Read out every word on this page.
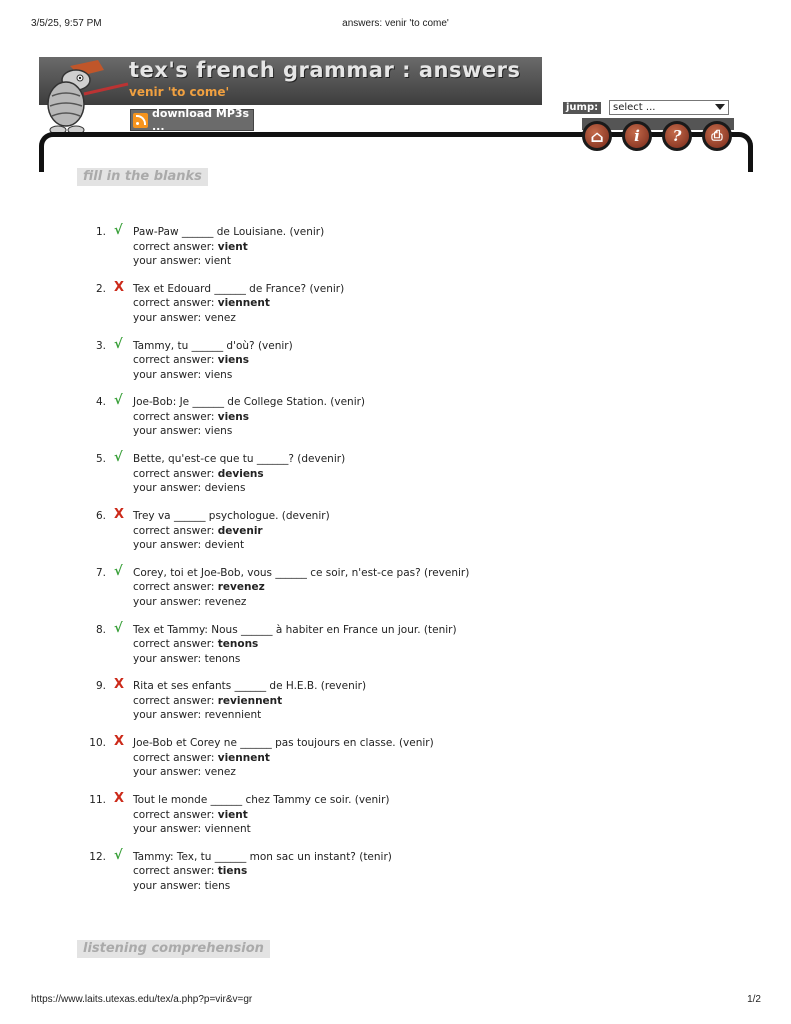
3/5/25, 9:57 PM	answers: venir 'to come'
tex's french grammar : answers
venir 'to come'
download MP3s ...
jump:	select ...
⌂ i ? ⎙
fill in the blanks
1. √ Paw-Paw ______ de Louisiane. (venir)
correct answer: vient
your answer: vient
2. X Tex et Edouard ______ de France? (venir)
correct answer: viennent
your answer: venez
3. √ Tammy, tu ______ d'où? (venir)
correct answer: viens
your answer: viens
4. √ Joe-Bob: Je ______ de College Station. (venir)
correct answer: viens
your answer: viens
5. √ Bette, qu'est-ce que tu ______? (devenir)
correct answer: deviens
your answer: deviens
6. X Trey va ______ psychologue. (devenir)
correct answer: devenir
your answer: devient
7. √ Corey, toi et Joe-Bob, vous ______ ce soir, n'est-ce pas? (revenir)
correct answer: revenez
your answer: revenez
8. √ Tex et Tammy: Nous ______ à habiter en France un jour. (tenir)
correct answer: tenons
your answer: tenons
9. X Rita et ses enfants ______ de H.E.B. (revenir)
correct answer: reviennent
your answer: revennient
10. X Joe-Bob et Corey ne ______ pas toujours en classe. (venir)
correct answer: viennent
your answer: venez
11. X Tout le monde ______ chez Tammy ce soir. (venir)
correct answer: vient
your answer: viennent
12. √ Tammy: Tex, tu ______ mon sac un instant? (tenir)
correct answer: tiens
your answer: tiens
listening comprehension
https://www.laits.utexas.edu/tex/a.php?p=vir&v=gr	1/2
